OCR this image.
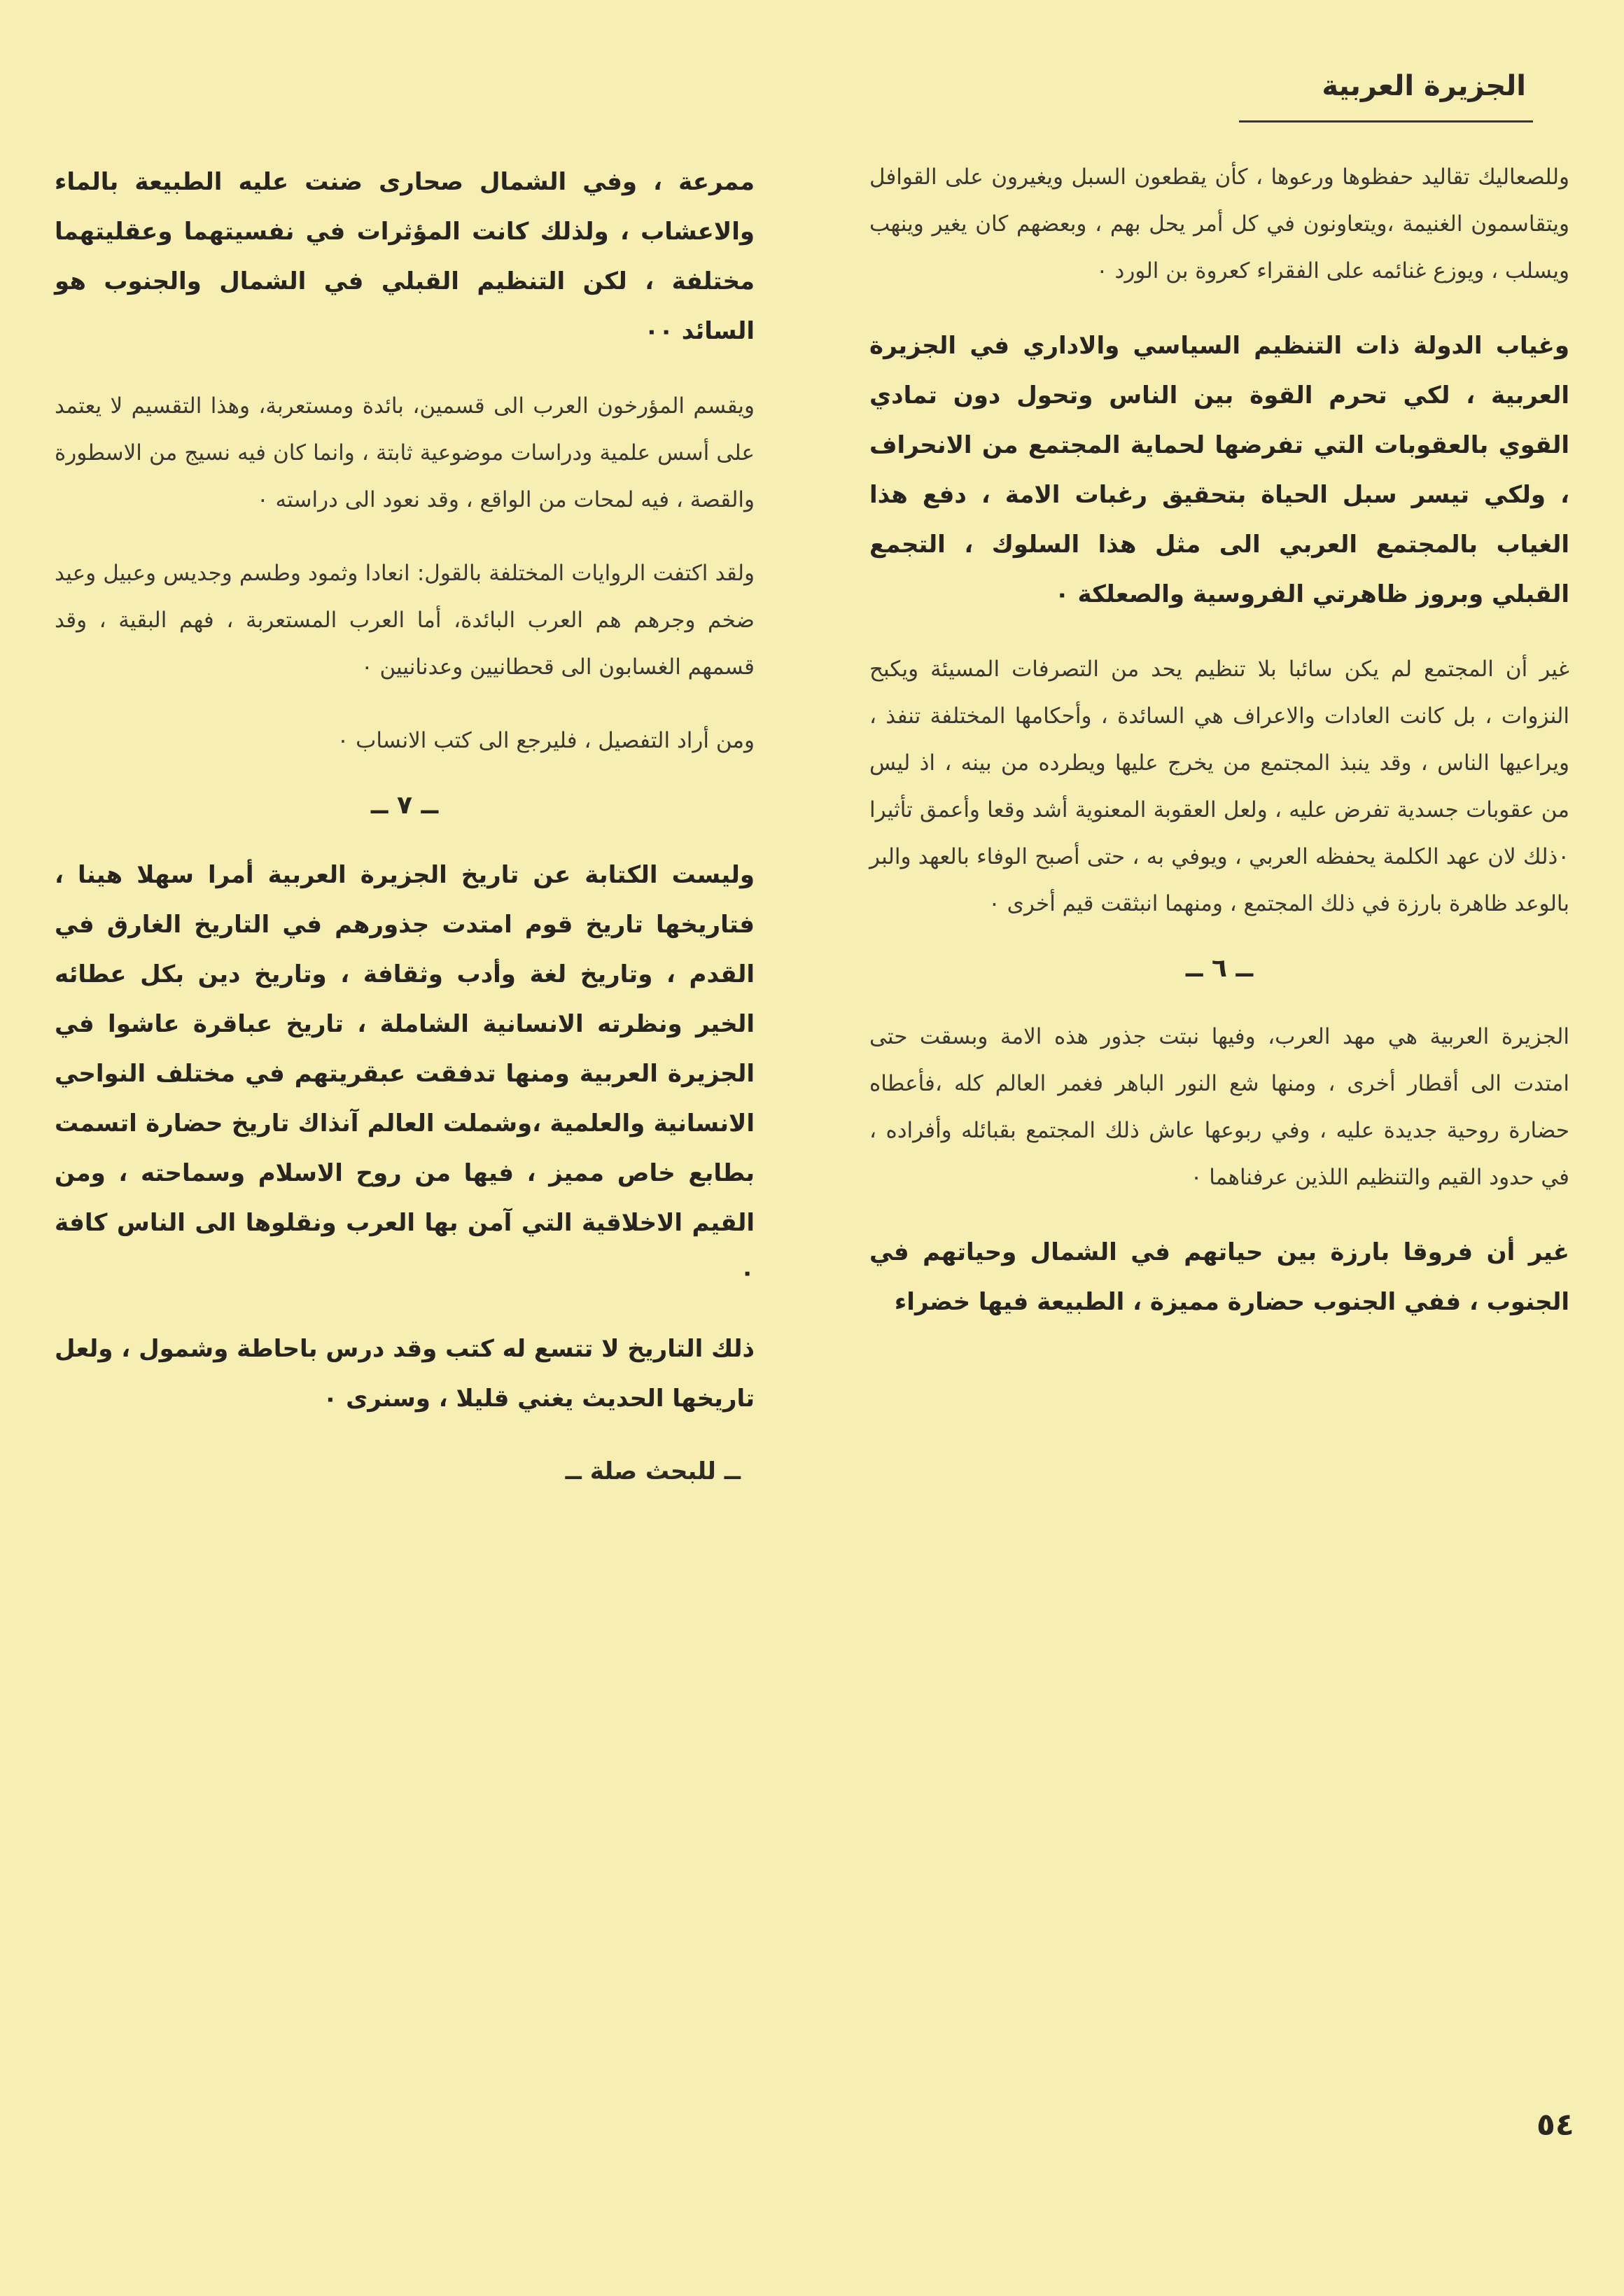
الجزيرة العربية

وللصعاليك تقاليد حفظوها ورعوها ، كأن يقطعون السبل ويغيرون على القوافل ويتقاسمون الغنيمة ،ويتعاونون في كل أمر يحل بهم ، وبعضهم كان يغير وينهب ويسلب ، ويوزع غنائمه على الفقراء كعروة بن الورد ٠

وغياب الدولة ذات التنظيم السياسي والاداري في الجزيرة العربية ، لكي تحرم القوة بين الناس وتحول دون تمادي القوي بالعقوبات التي تفرضها لحماية المجتمع من الانحراف ، ولكي تيسر سبل الحياة بتحقيق رغبات الامة ، دفع هذا الغياب بالمجتمع العربي الى مثل هذا السلوك ، التجمع القبلي وبروز ظاهرتي الفروسية والصعلكة ٠

غير أن المجتمع لم يكن سائبا بلا تنظيم يحد من التصرفات المسيئة ويكبح النزوات ، بل كانت العادات والاعراف هي السائدة ، وأحكامها المختلفة تنفذ ، ويراعيها الناس ، وقد ينبذ المجتمع من يخرج عليها ويطرده من بينه ، اذ ليس من عقوبات جسدية تفرض عليه ، ولعل العقوبة المعنوية أشد وقعا وأعمق تأثيرا ٠ذلك لان عهد الكلمة يحفظه العربي ، ويوفي به ، حتى أصبح الوفاء بالعهد والبر بالوعد ظاهرة بارزة في ذلك المجتمع ، ومنهما انبثقت قيم أخرى ٠

ــ ٦ ــ

الجزيرة العربية هي مهد العرب، وفيها نبتت جذور هذه الامة وبسقت حتى امتدت الى أقطار أخرى ، ومنها شع النور الباهر فغمر العالم كله ،فأعطاه حضارة روحية جديدة عليه ، وفي ربوعها عاش ذلك المجتمع بقبائله وأفراده ، في حدود القيم والتنظيم اللذين عرفناهما ٠

غير أن فروقا بارزة بين حياتهم في الشمال وحياتهم في الجنوب ، ففي الجنوب حضارة مميزة ، الطبيعة فيها خضراء

ممرعة ، وفي الشمال صحارى ضنت عليه الطبيعة بالماء والاعشاب ، ولذلك كانت المؤثرات في نفسيتهما وعقليتهما مختلفة ، لكن التنظيم القبلي في الشمال والجنوب هو السائد ٠٠

ويقسم المؤرخون العرب الى قسمين، بائدة ومستعربة، وهذا التقسيم لا يعتمد على أسس علمية ودراسات موضوعية ثابتة ، وانما كان فيه نسيج من الاسطورة والقصة ، فيه لمحات من الواقع ، وقد نعود الى دراسته ٠

ولقد اكتفت الروايات المختلفة بالقول: انعادا وثمود وطسم وجديس وعبيل وعيد ضخم وجرهم هم العرب البائدة، أما العرب المستعربة ، فهم البقية ، وقد قسمهم الغسابون الى قحطانيين وعدنانيين ٠

ومن أراد التفصيل ، فليرجع الى كتب الانساب ٠

ــ ٧ ــ

وليست الكتابة عن تاريخ الجزيرة العربية أمرا سهلا هينا ، فتاريخها تاريخ قوم امتدت جذورهم في التاريخ الغارق في القدم ، وتاريخ لغة وأدب وثقافة ، وتاريخ دين بكل عطائه الخير ونظرته الانسانية الشاملة ، تاريخ عباقرة عاشوا في الجزيرة العربية ومنها تدفقت عبقريتهم في مختلف النواحي الانسانية والعلمية ،وشملت العالم آنذاك تاريخ حضارة اتسمت بطابع خاص مميز ، فيها من روح الاسلام وسماحته ، ومن القيم الاخلاقية التي آمن بها العرب ونقلوها الى الناس كافة ٠

ذلك التاريخ لا تتسع له كتب وقد درس باحاطة وشمول ، ولعل تاريخها الحديث يغني قليلا ، وسنرى ٠

ــ للبحث صلة ــ
٥٤
